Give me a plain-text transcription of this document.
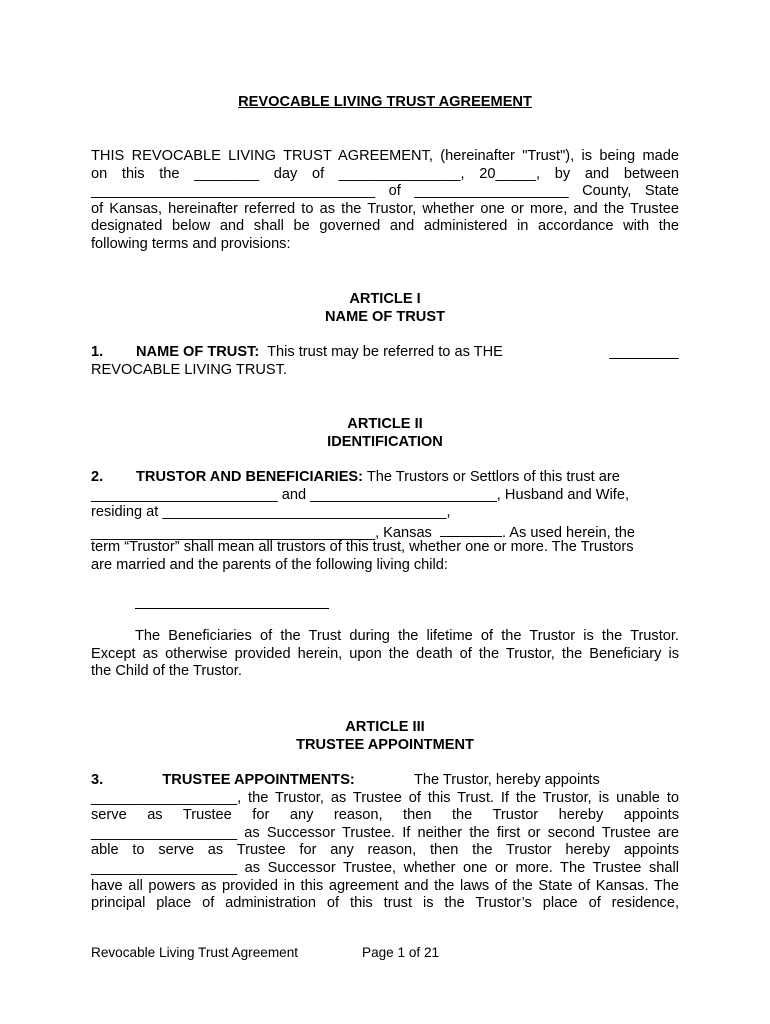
REVOCABLE LIVING TRUST AGREEMENT
THIS REVOCABLE LIVING TRUST AGREEMENT, (hereinafter "Trust"), is being made
on this the ________ day of _______________, 20_____, by and between
___________________________________ of ___________________ County, State
of Kansas, hereinafter referred to as the Trustor, whether one or more, and the Trustee
designated below and shall be governed and administered in accordance with the
following terms and provisions:
ARTICLE I
NAME OF TRUST
1. NAME OF TRUST: This trust may be referred to as THE
REVOCABLE LIVING TRUST.
ARTICLE II
IDENTIFICATION
2. TRUSTOR AND BENEFICIARIES: The Trustors or Settlors of this trust are
_______________________ and _______________________, Husband and Wife,
residing at ___________________________________,
___________________________________, Kansas	. As used herein, the
term “Trustor” shall mean all trustors of this trust, whether one or more. The Trustors
are married and the parents of the following living child:
The Beneficiaries of the Trust during the lifetime of the Trustor is the Trustor.
Except as otherwise provided herein, upon the death of the Trustor, the Beneficiary is
the Child of the Trustor.
ARTICLE III
TRUSTEE APPOINTMENT
3.	TRUSTEE APPOINTMENTS:	The Trustor, hereby appoints
__________________, the Trustor, as Trustee of this Trust. If the Trustor, is unable to
serve as Trustee for any reason, then the Trustor hereby appoints
__________________ as Successor Trustee. If neither the first or second Trustee are
able to serve as Trustee for any reason, then the Trustor hereby appoints
__________________ as Successor Trustee, whether one or more. The Trustee shall
have all powers as provided in this agreement and the laws of the State of Kansas. The
principal place of administration of this trust is the Trustor’s place of residence,
Revocable Living Trust Agreement	Page 1 of 21
